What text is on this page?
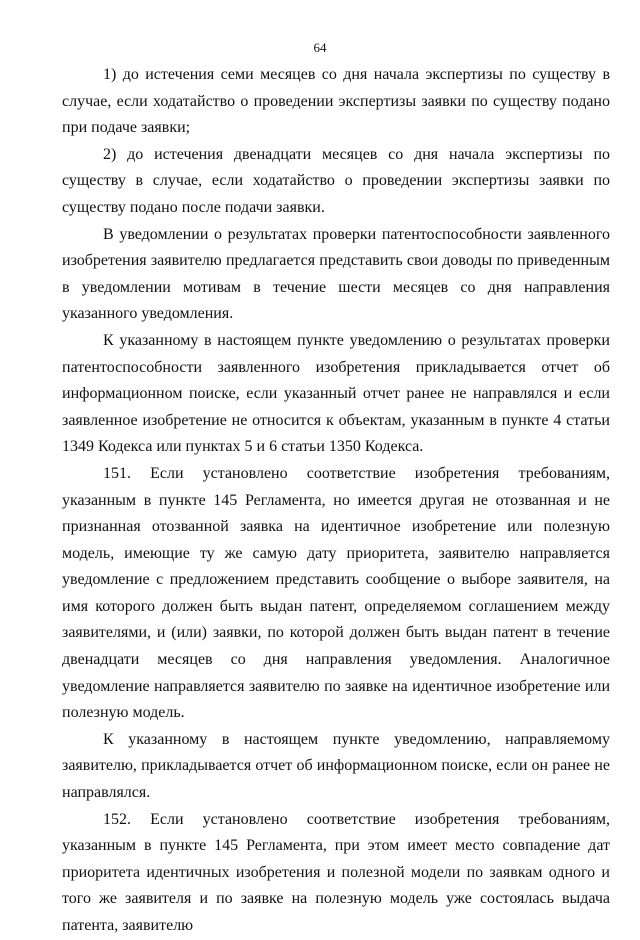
64

1) до истечения семи месяцев со дня начала экспертизы по существу в случае, если ходатайство о проведении экспертизы заявки по существу подано при подаче заявки;

2) до истечения двенадцати месяцев со дня начала экспертизы по существу в случае, если ходатайство о проведении экспертизы заявки по существу подано после подачи заявки.

В уведомлении о результатах проверки патентоспособности заявленного изобретения заявителю предлагается представить свои доводы по приведенным в уведомлении мотивам в течение шести месяцев со дня направления указанного уведомления.

К указанному в настоящем пункте уведомлению о результатах проверки патентоспособности заявленного изобретения прикладывается отчет об информационном поиске, если указанный отчет ранее не направлялся и если заявленное изобретение не относится к объектам, указанным в пункте 4 статьи 1349 Кодекса или пунктах 5 и 6 статьи 1350 Кодекса.

151. Если установлено соответствие изобретения требованиям, указанным в пункте 145 Регламента, но имеется другая не отозванная и не признанная отозванной заявка на идентичное изобретение или полезную модель, имеющие ту же самую дату приоритета, заявителю направляется уведомление с предложением представить сообщение о выборе заявителя, на имя которого должен быть выдан патент, определяемом соглашением между заявителями, и (или) заявки, по которой должен быть выдан патент в течение двенадцати месяцев со дня направления уведомления. Аналогичное уведомление направляется заявителю по заявке на идентичное изобретение или полезную модель.

К указанному в настоящем пункте уведомлению, направляемому заявителю, прикладывается отчет об информационном поиске, если он ранее не направлялся.

152. Если установлено соответствие изобретения требованиям, указанным в пункте 145 Регламента, при этом имеет место совпадение дат приоритета идентичных изобретения и полезной модели по заявкам одного и того же заявителя и по заявке на полезную модель уже состоялась выдача патента, заявителю
